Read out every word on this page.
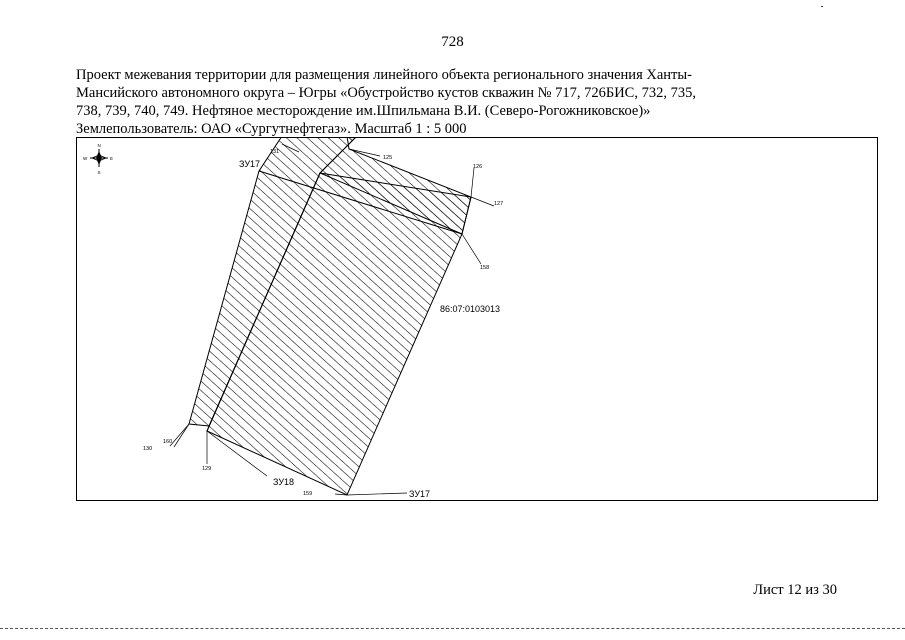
728
Проект межевания территории для размещения линейного объекта регионального значения Ханты-
Мансийского автономного округа – Югры «Обустройство кустов скважин № 717, 726БИС, 732, 735,
738, 739, 740, 749. Нефтяное месторождение им.Шпильмана В.И. (Северо-Рогожниковское)»
Землепользователь: ОАО «Сургутнефтегаз». Масштаб 1 : 5 000
N
S
W	E
131
125
126
127
158
130
160
129
159
ЗУ17
ЗУ18
ЗУ17
86:07:0103013
Лист 12 из 30
